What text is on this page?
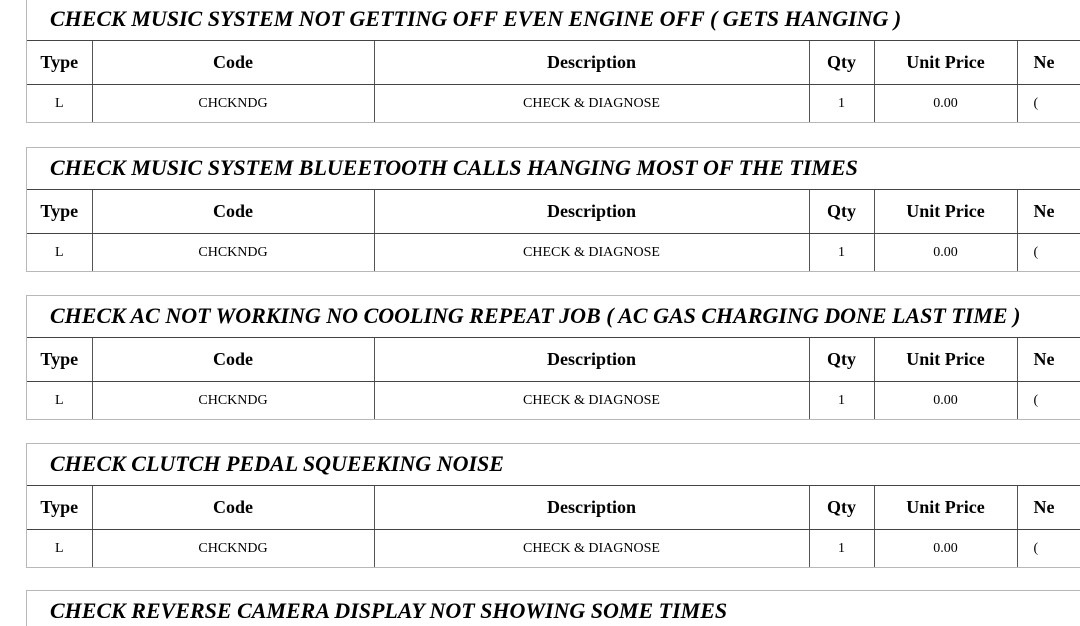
CHECK MUSIC SYSTEM NOT GETTING OFF EVEN ENGINE OFF ( GETS HANGING )
Type	Code	Description	Qty	Unit Price	Ne
L	CHCKNDG	CHECK & DIAGNOSE	1	0.00	(
CHECK MUSIC SYSTEM BLUEETOOTH CALLS HANGING MOST OF THE TIMES
Type	Code	Description	Qty	Unit Price	Ne
L	CHCKNDG	CHECK & DIAGNOSE	1	0.00	(
CHECK AC NOT WORKING NO COOLING REPEAT JOB ( AC GAS CHARGING DONE LAST TIME )
Type	Code	Description	Qty	Unit Price	Ne
L	CHCKNDG	CHECK & DIAGNOSE	1	0.00	(
CHECK CLUTCH PEDAL SQUEEKING NOISE
Type	Code	Description	Qty	Unit Price	Ne
L	CHCKNDG	CHECK & DIAGNOSE	1	0.00	(
CHECK REVERSE CAMERA DISPLAY NOT SHOWING SOME TIMES
